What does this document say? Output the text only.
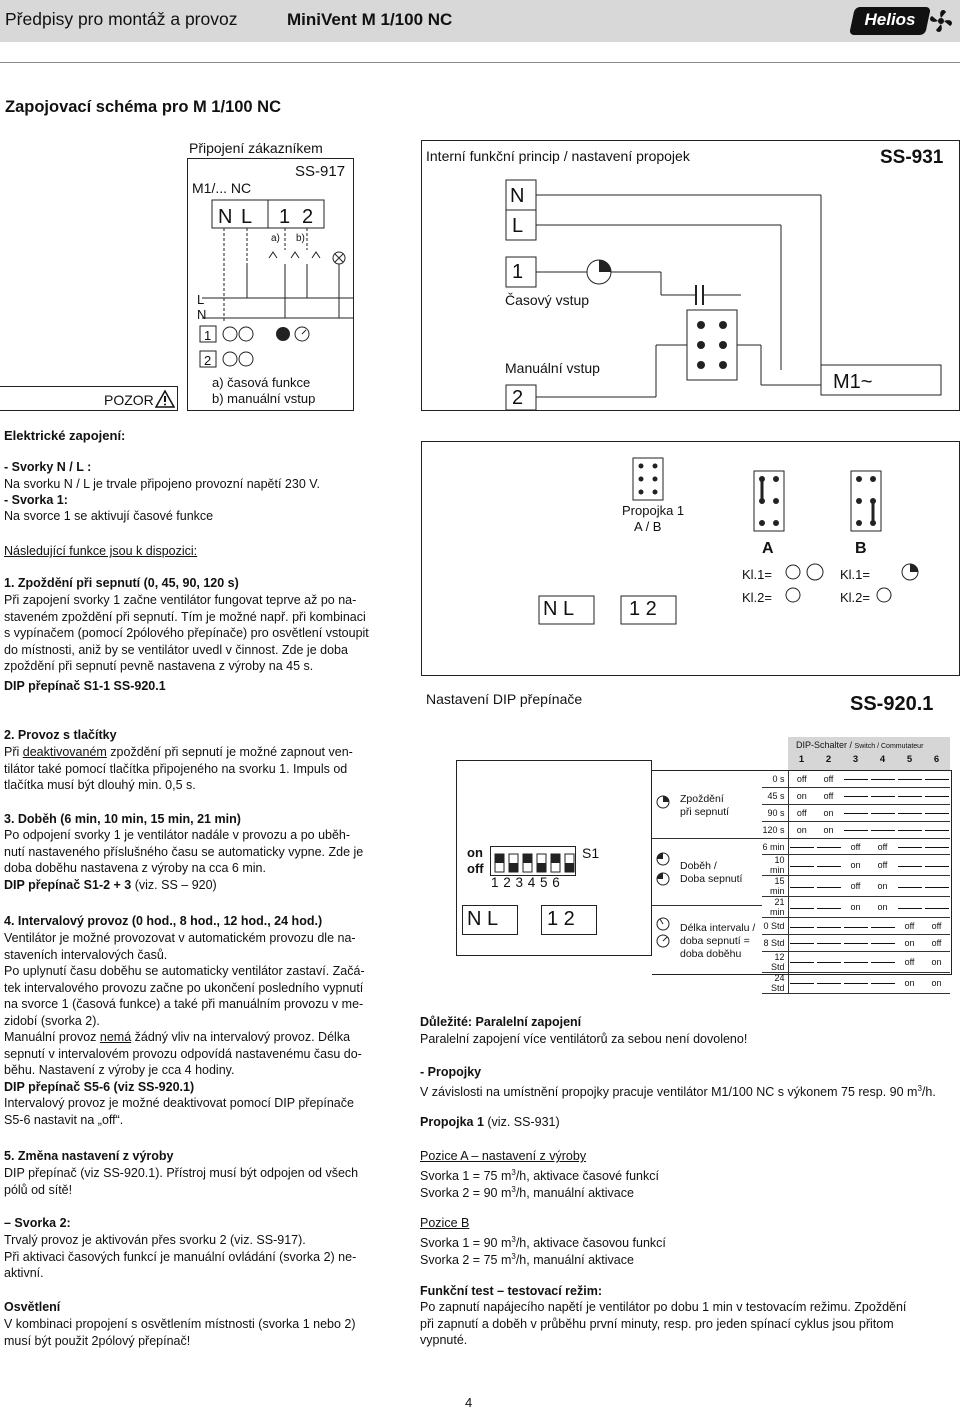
Předpisy pro montáž a provoz	MiniVent M 1/100 NC	Helios
Zapojovací schéma pro M 1/100 NC
Připojení zákazníkem
SS-917
M1/... NC
N L 1 2
a) b)
L
N
1
2
a) časová funkce
b) manuální vstup
POZOR
Interní funkční princip / nastavení propojek	SS-931
N
L
1
Časový vstup
Manuální vstup
2
M1~
Propojka 1
A / B
A	B
Kl.1=
Kl.2=
Kl.1=
Kl.2=
N L	1 2
Nastavení DIP přepínače	SS-920.1
on
off
S1
1 2 3 4 5 6
N L 1 2
DIP-Schalter / Switch / Commutateur
1	2	3	4	5	6
Zpoždění
při sepnutí
Doběh /
Doba sepnutí
Délka intervalu /
doba sepnutí =
doba doběhu
0 s	off	off				
45 s	on	off				
90 s	off	on				
120 s	on	on				
6 min			off	off		
10 min			on	off		
15 min			off	on		
21 min			on	on		
0 Std					off	off
8 Std					on	off
12 Std					off	on
24 Std					on	on
Elektrické zapojení:
- Svorky N / L :
Na svorku N / L je trvale připojeno provozní napětí 230 V.
- Svorka 1:
Na svorce 1 se aktivují časové funkce
Následující funkce jsou k dispozici:
1. Zpoždění při sepnutí (0, 45, 90, 120 s)
Při zapojení svorky 1 začne ventilátor fungovat teprve až po na-
staveném zpoždění při sepnutí. Tím je možné např. při kombinaci
s vypínačem (pomocí 2pólového přepínače) pro osvětlení vstoupit
do místnosti, aniž by se ventilátor uvedl v činnost. Zde je doba
zpoždění při sepnutí pevně nastavena z výroby na 45 s.
DIP přepínač S1-1 SS-920.1
2. Provoz s tlačítky
Při deaktivovaném zpoždění při sepnutí je možné zapnout ven-
tilátor také pomocí tlačítka připojeného na svorku 1. Impuls od
tlačítka musí být dlouhý min. 0,5 s.
3. Doběh (6 min, 10 min, 15 min, 21 min)
Po odpojení svorky 1 je ventilátor nadále v provozu a po uběh-
nutí nastaveného příslušného času se automaticky vypne. Zde je
doba doběhu nastavena z výroby na cca 6 min.
DIP přepínač S1-2 + 3 (viz. SS – 920)
4. Intervalový provoz (0 hod., 8 hod., 12 hod., 24 hod.)
Ventilátor je možné provozovat v automatickém provozu dle na-
staveních intervalových časů.
Po uplynutí času doběhu se automaticky ventilátor zastaví. Začá-
tek intervalového provozu začne po ukončení posledního vypnutí
na svorce 1 (časová funkce) a také při manuálním provozu v me-
zidobí (svorka 2).
Manuální provoz nemá žádný vliv na intervalový provoz. Délka
sepnutí v intervalovém provozu odpovídá nastavenému času do-
běhu. Nastavení z výroby je cca 4 hodiny.
DIP přepínač S5-6 (viz SS-920.1)
Intervalový provoz je možné deaktivovat pomocí DIP přepínače
S5-6 nastavit na „off“.
5. Změna nastavení z výroby
DIP přepínač (viz SS-920.1). Přístroj musí být odpojen od všech
pólů od sítě!
– Svorka 2:
Trvalý provoz je aktivován přes svorku 2 (viz. SS-917).
Při aktivaci časových funkcí je manuální ovládání (svorka 2) ne-
aktivní.
Osvětlení
V kombinaci propojení s osvětlením místnosti (svorka 1 nebo 2)
musí být použit 2pólový přepínač!
Důležité: Paralelní zapojení
Paralelní zapojení více ventilátorů za sebou není dovoleno!
- Propojky
V závislosti na umístnění propojky pracuje ventilátor M1/100 NC s výkonem 75 resp. 90 $m^3/h$.
Propojka 1 (viz. SS-931)
Pozice A – nastavení z výroby
Svorka 1 = 75 $m^3/h$, aktivace časové funkcí
Svorka 2 = 90 $m^3/h$, manuální aktivace
Pozice B
Svorka 1 = 90 $m^3/h$, aktivace časovou funkcí
Svorka 2 = 75 $m^3/h$, manuální aktivace
Funkční test – testovací režim:
Po zapnutí napájecího napětí je ventilátor po dobu 1 min v testovacím režimu. Zpoždění
při zapnutí a doběh v průběhu první minuty, resp. pro jeden spínací cyklus jsou přitom
vypnuté.
4
